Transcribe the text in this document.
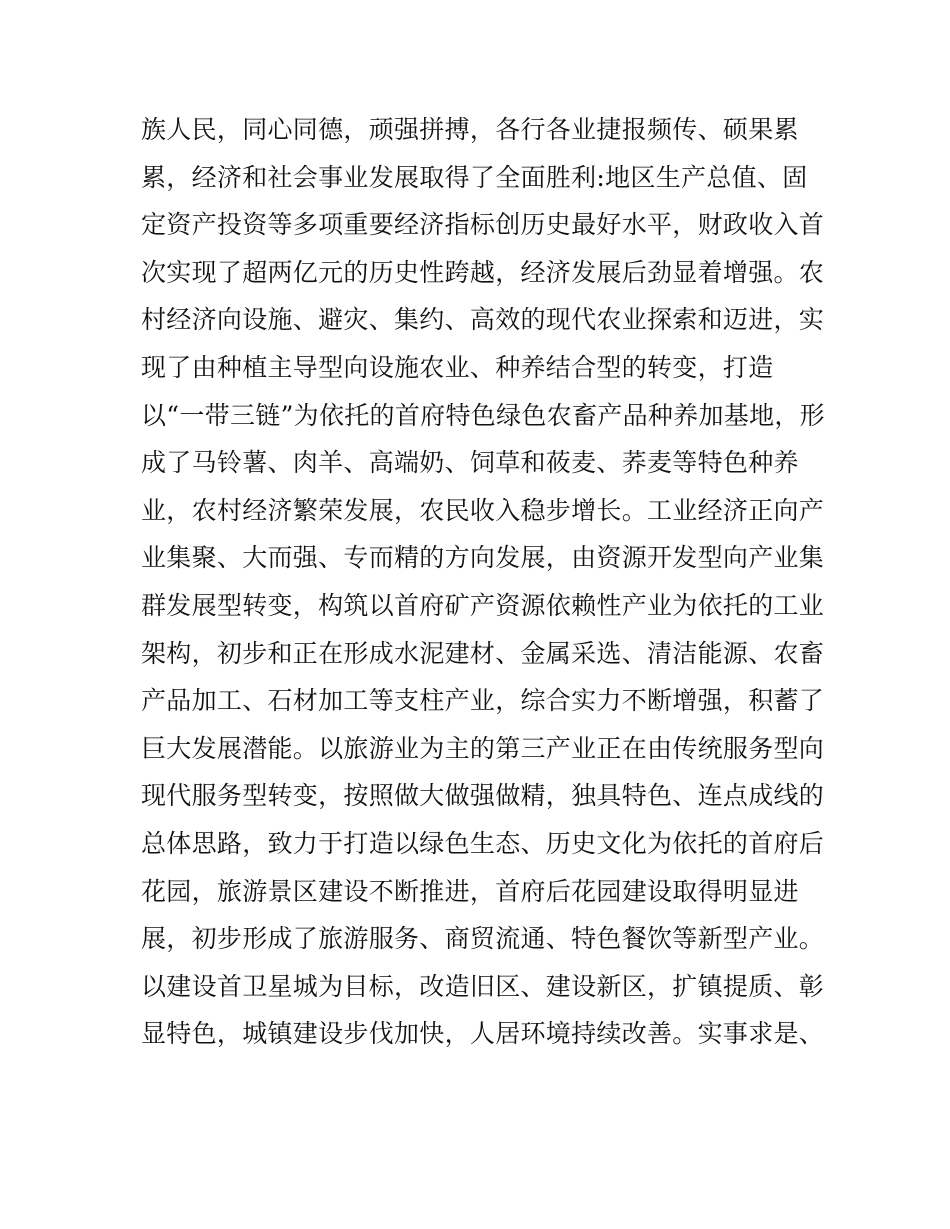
族人民，同心同德，顽强拼搏，各行各业捷报频传、硕果累
累，经济和社会事业发展取得了全面胜利:地区生产总值、固
定资产投资等多项重要经济指标创历史最好水平，财政收入首
次实现了超两亿元的历史性跨越，经济发展后劲显着增强。农
村经济向设施、避灾、集约、高效的现代农业探索和迈进，实
现了由种植主导型向设施农业、种养结合型的转变，打造
以“一带三链”为依托的首府特色绿色农畜产品种养加基地，形
成了马铃薯、肉羊、高端奶、饲草和莜麦、荞麦等特色种养
业，农村经济繁荣发展，农民收入稳步增长。工业经济正向产
业集聚、大而强、专而精的方向发展，由资源开发型向产业集
群发展型转变，构筑以首府矿产资源依赖性产业为依托的工业
架构，初步和正在形成水泥建材、金属采选、清洁能源、农畜
产品加工、石材加工等支柱产业，综合实力不断增强，积蓄了
巨大发展潜能。以旅游业为主的第三产业正在由传统服务型向
现代服务型转变，按照做大做强做精，独具特色、连点成线的
总体思路，致力于打造以绿色生态、历史文化为依托的首府后
花园，旅游景区建设不断推进，首府后花园建设取得明显进
展，初步形成了旅游服务、商贸流通、特色餐饮等新型产业。
以建设首卫星城为目标，改造旧区、建设新区，扩镇提质、彰
显特色，城镇建设步伐加快，人居环境持续改善。实事求是、
